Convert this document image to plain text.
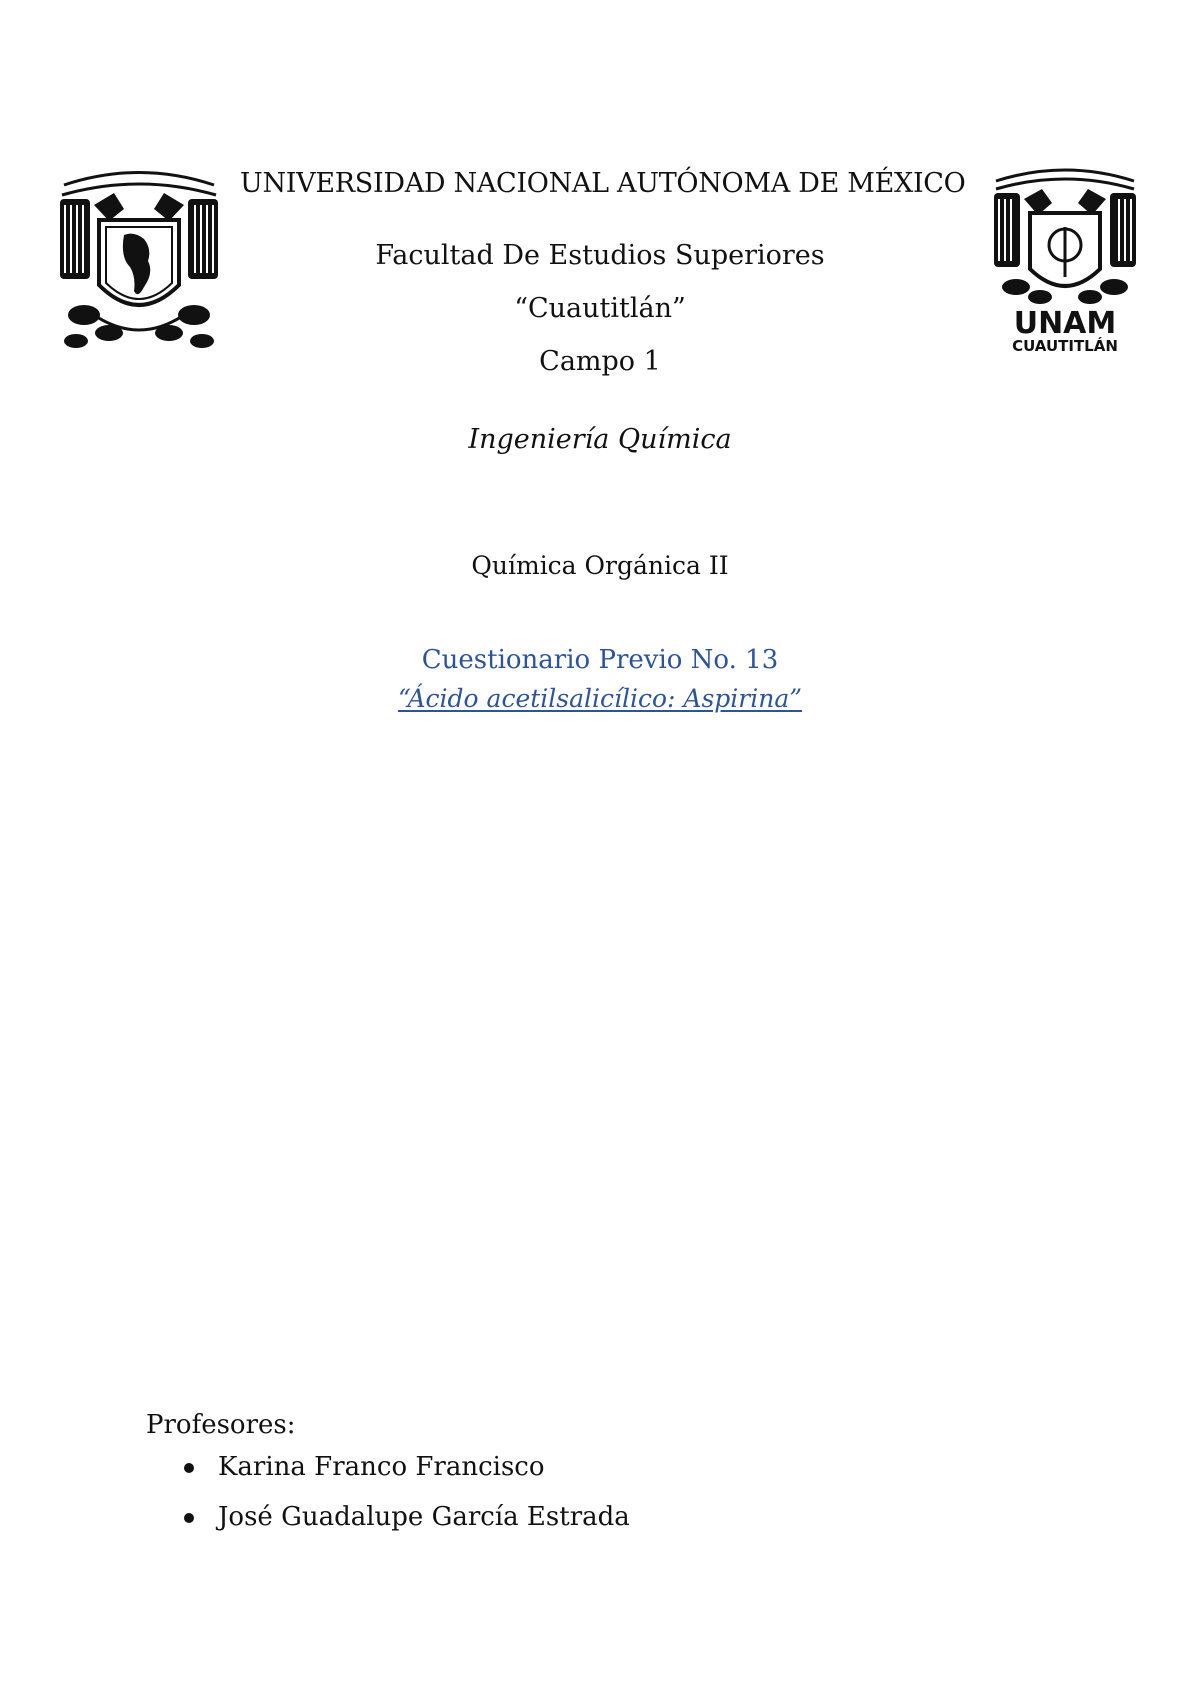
UNIVERSIDAD NACIONAL AUTÓNOMA DE MÉXICO
UNAM
CUAUTITLÁN
Facultad De Estudios Superiores
“Cuautitlán”
Campo 1
Ingeniería Química
Química Orgánica II
Cuestionario Previo No. 13
“Ácido acetilsalicílico: Aspirina”
Profesores:
Karina Franco Francisco
José Guadalupe García Estrada
